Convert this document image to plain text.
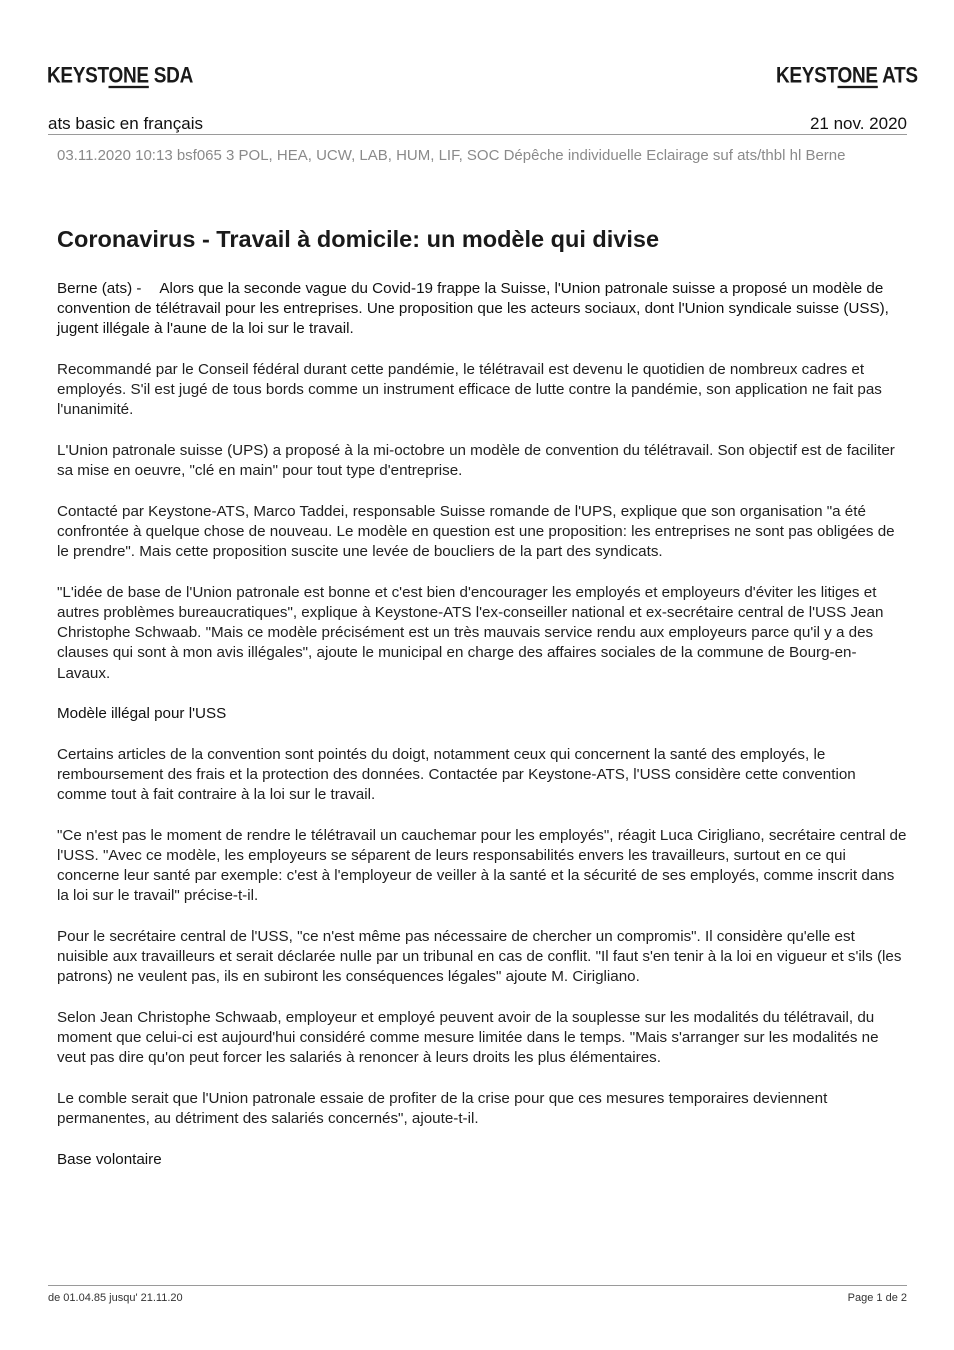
KEYSTONE SDA	KEYSTONE ATS
ats basic en français	21 nov. 2020
03.11.2020 10:13 bsf065 3 POL, HEA, UCW, LAB, HUM, LIF, SOC Dépêche individuelle Eclairage suf ats/thbl hl Berne
Coronavirus - Travail à domicile: un modèle qui divise

Berne (ats) - Alors que la seconde vague du Covid-19 frappe la Suisse, l'Union patronale suisse a proposé un modèle de convention de télétravail pour les entreprises. Une proposition que les acteurs sociaux, dont l'Union syndicale suisse (USS), jugent illégale à l'aune de la loi sur le travail.

Recommandé par le Conseil fédéral durant cette pandémie, le télétravail est devenu le quotidien de nombreux cadres et employés. S'il est jugé de tous bords comme un instrument efficace de lutte contre la pandémie, son application ne fait pas l'unanimité.

L'Union patronale suisse (UPS) a proposé à la mi-octobre un modèle de convention du télétravail. Son objectif est de faciliter sa mise en oeuvre, "clé en main" pour tout type d'entreprise.

Contacté par Keystone-ATS, Marco Taddei, responsable Suisse romande de l'UPS, explique que son organisation "a été confrontée à quelque chose de nouveau. Le modèle en question est une proposition: les entreprises ne sont pas obligées de le prendre". Mais cette proposition suscite une levée de boucliers de la part des syndicats.

"L'idée de base de l'Union patronale est bonne et c'est bien d'encourager les employés et employeurs d'éviter les litiges et autres problèmes bureaucratiques", explique à Keystone-ATS l'ex-conseiller national et ex-secrétaire central de l'USS Jean Christophe Schwaab. "Mais ce modèle précisément est un très mauvais service rendu aux employeurs parce qu'il y a des clauses qui sont à mon avis illégales", ajoute le municipal en charge des affaires sociales de la commune de Bourg-en-Lavaux.

Modèle illégal pour l'USS

Certains articles de la convention sont pointés du doigt, notamment ceux qui concernent la santé des employés, le remboursement des frais et la protection des données. Contactée par Keystone-ATS, l'USS considère cette convention comme tout à fait contraire à la loi sur le travail.

"Ce n'est pas le moment de rendre le télétravail un cauchemar pour les employés", réagit Luca Cirigliano, secrétaire central de l'USS. "Avec ce modèle, les employeurs se séparent de leurs responsabilités envers les travailleurs, surtout en ce qui concerne leur santé par exemple: c'est à l'employeur de veiller à la santé et la sécurité de ses employés, comme inscrit dans la loi sur le travail" précise-t-il.

Pour le secrétaire central de l'USS, "ce n'est même pas nécessaire de chercher un compromis". Il considère qu'elle est nuisible aux travailleurs et serait déclarée nulle par un tribunal en cas de conflit. "Il faut s'en tenir à la loi en vigueur et s'ils (les patrons) ne veulent pas, ils en subiront les conséquences légales" ajoute M. Cirigliano.

Selon Jean Christophe Schwaab, employeur et employé peuvent avoir de la souplesse sur les modalités du télétravail, du moment que celui-ci est aujourd'hui considéré comme mesure limitée dans le temps. "Mais s'arranger sur les modalités ne veut pas dire qu'on peut forcer les salariés à renoncer à leurs droits les plus élémentaires.

Le comble serait que l'Union patronale essaie de profiter de la crise pour que ces mesures temporaires deviennent permanentes, au détriment des salariés concernés", ajoute-t-il.

Base volontaire
de 01.04.85 jusqu' 21.11.20	Page 1 de 2
